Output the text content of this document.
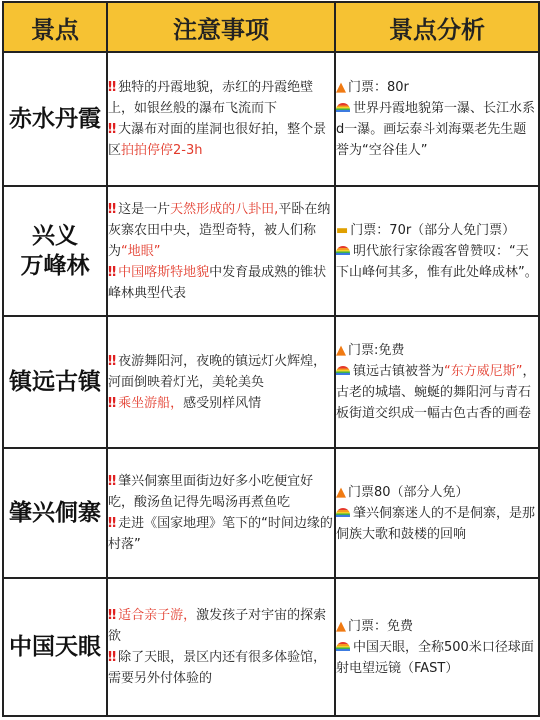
景点	注意事项	景点分析

赤水丹霞	‼ 独特的丹霞地貌，赤红的丹霞绝壁上，如银丝般的瀑布飞流而下
‼ 大瀑布对面的崖洞也很好拍，整个景区拍拍停停2-3h	▲ 门票：80r
世界丹霞地貌第一瀑、长江水系d一瀑。画坛泰斗刘海粟老先生题誉为“空谷佳人”

兴义
万峰林	‼ 这是一片天然形成的八卦田,平卧在纳灰寨农田中央，造型奇特，被人们称为“地眼”
‼ 中国喀斯特地貌中发育最成熟的锥状峰林典型代表	▬ 门票：70r（部分人免门票）
明代旅行家徐霞客曾赞叹：“天下山峰何其多，惟有此处峰成林”。

镇远古镇	‼ 夜游舞阳河，夜晚的镇远灯火辉煌，河面倒映着灯光，美轮美奂
‼ 乘坐游船，感受别样风情	▲ 门票:免费
镇远古镇被誉为“东方威尼斯”，古老的城墙、蜿蜒的舞阳河与青石板街道交织成一幅古色古香的画卷

肇兴侗寨	‼ 肇兴侗寨里面街边好多小吃便宜好吃，酸汤鱼记得先喝汤再煮鱼吃
‼ 走进《国家地理》笔下的“时间边缘的村落”	▲ 门票80（部分人免）
肇兴侗寨迷人的不是侗寨，是那侗族大歌和鼓楼的回响

中国天眼	‼ 适合亲子游，激发孩子对宇宙的探索欲
‼ 除了天眼，景区内还有很多体验馆，需要另外付体验的	▲ 门票：免费
中国天眼，全称500米口径球面射电望远镜（FAST）
